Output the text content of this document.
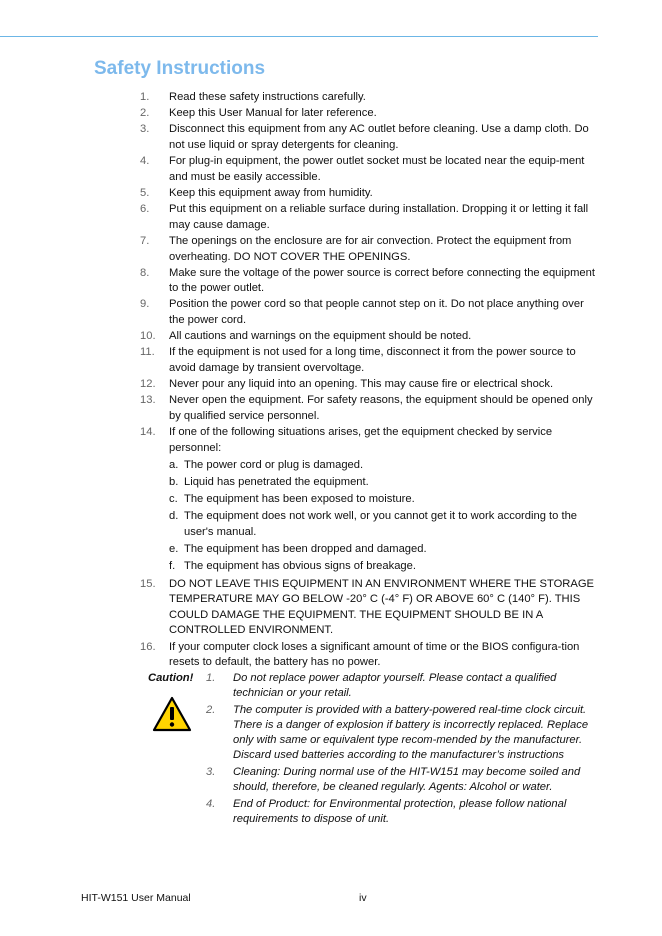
Safety Instructions
1. Read these safety instructions carefully.
2. Keep this User Manual for later reference.
3. Disconnect this equipment from any AC outlet before cleaning. Use a damp cloth. Do not use liquid or spray detergents for cleaning.
4. For plug-in equipment, the power outlet socket must be located near the equip-ment and must be easily accessible.
5. Keep this equipment away from humidity.
6. Put this equipment on a reliable surface during installation. Dropping it or letting it fall may cause damage.
7. The openings on the enclosure are for air convection. Protect the equipment from overheating. DO NOT COVER THE OPENINGS.
8. Make sure the voltage of the power source is correct before connecting the equipment to the power outlet.
9. Position the power cord so that people cannot step on it. Do not place anything over the power cord.
10. All cautions and warnings on the equipment should be noted.
11. If the equipment is not used for a long time, disconnect it from the power source to avoid damage by transient overvoltage.
12. Never pour any liquid into an opening. This may cause fire or electrical shock.
13. Never open the equipment. For safety reasons, the equipment should be opened only by qualified service personnel.
14. If one of the following situations arises, get the equipment checked by service personnel:
a. The power cord or plug is damaged.
b. Liquid has penetrated the equipment.
c. The equipment has been exposed to moisture.
d. The equipment does not work well, or you cannot get it to work according to the user's manual.
e. The equipment has been dropped and damaged.
f. The equipment has obvious signs of breakage.
15. DO NOT LEAVE THIS EQUIPMENT IN AN ENVIRONMENT WHERE THE STORAGE TEMPERATURE MAY GO BELOW -20° C (-4° F) OR ABOVE 60° C (140° F). THIS COULD DAMAGE THE EQUIPMENT. THE EQUIPMENT SHOULD BE IN A CONTROLLED ENVIRONMENT.
16. If your computer clock loses a significant amount of time or the BIOS configura-tion resets to default, the battery has no power.
Caution! 1. Do not replace power adaptor yourself. Please contact a qualified technician or your retail.
2. The computer is provided with a battery-powered real-time clock circuit. There is a danger of explosion if battery is incorrectly replaced. Replace only with same or equivalent type recom-mended by the manufacturer. Discard used batteries according to the manufacturer’s instructions
3. Cleaning: During normal use of the HIT-W151 may become soiled and should, therefore, be cleaned regularly. Agents: Alcohol or water.
4. End of Product: for Environmental protection, please follow national requirements to dispose of unit.
HIT-W151 User Manual	iv
